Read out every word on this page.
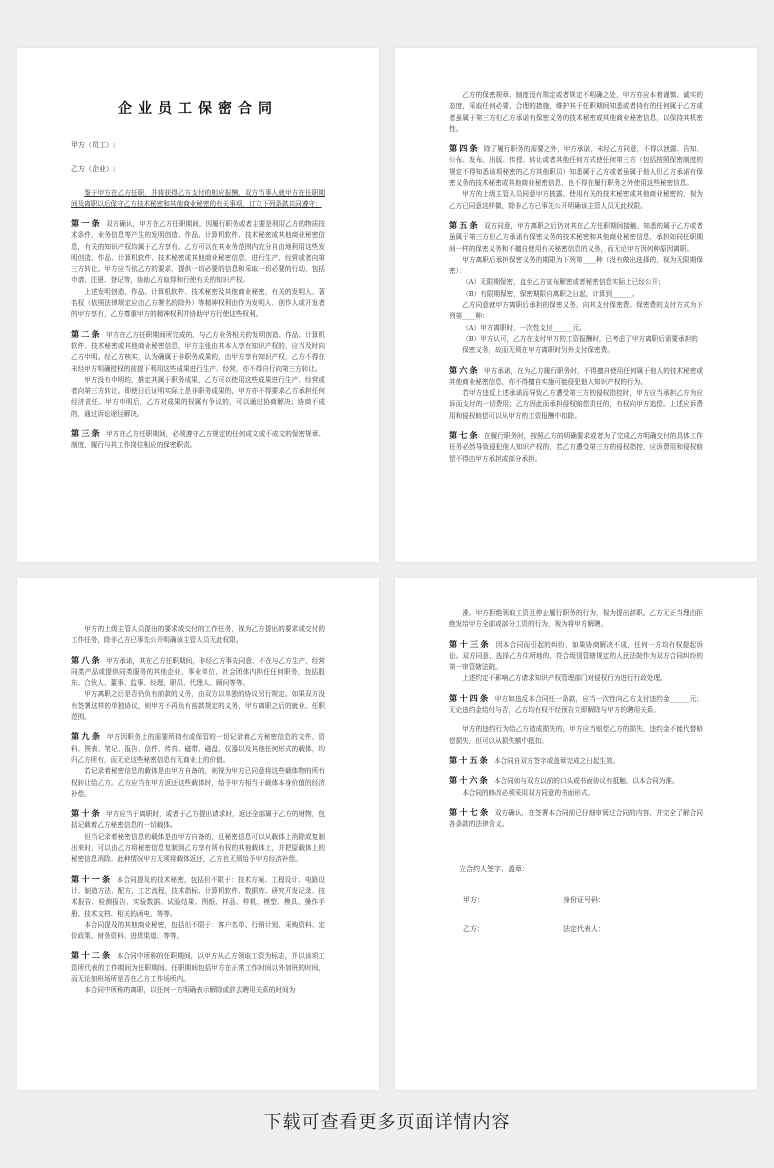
企业员工保密合同

甲方（员工）:

乙方（企业）:

鉴于甲方在乙方任职，并将获得乙方支付的相应报酬，双方当事人就甲方在任职期间及离职以后保守乙方技术秘密和其他商业秘密的有关事项，订立下列条款共同遵守：

第一条 双方确认，甲方在乙方任职期间，因履行职务或者主要是利用乙方的物质技术条件、业务信息等产生的发明创造、作品、计算机软件、技术秘密或其他商业秘密信息，有关的知识产权均属于乙方享有。乙方可以在其业务范围内充分自由地利用这些发明创造、作品、计算机软件、技术秘密或其他商业秘密信息，进行生产、经营或者向第三方转让。甲方应当依乙方的要求，提供一切必要的信息和采取一切必要的行动，包括申请、注册、登记等，协助乙方取得和行使有关的知识产权。

上述发明创造、作品、计算机软件、技术秘密及其他商业秘密，有关的发明人、著名权（依照法律规定应由乙方署名的除外）等精神权利由作为发明人、创作人或开发者的甲方享有，乙方尊重甲方的精神权利并协助甲方行使这些权利。

第二条 甲方在乙方任职期间所完成的、与乙方业务相关的发明创造、作品、计算机软件、技术秘密或其他商业秘密信息，甲方主张由其本人享有知识产权的，应当及时向乙方申明。经乙方核实，认为确属于非职务成果的，由甲方享有知识产权，乙方不得在未经甲方明确授权的前提下利用这些成果进行生产、经营，亦不得自行向第三方转让。

甲方没有申明的，推定其属于职务成果，乙方可以使用这些成果进行生产、经营或者向第三方转让。即使日后证明实际上是非职务成果的，甲方亦不得要求乙方承担任何经济责任。甲方申明后，乙方对成果的权属有争议的，可以通过协商解决；协商不成的，通过诉讼途径解决。

第三条 甲方在乙方任职期间，必须遵守乙方规定的任何成文或不成文的保密规章、制度，履行与其工作岗位相应的保密职责。

乙方的保密规章、制度没有规定或者规定不明确之处，甲方亦应本着谨慎、诚实的态度，采取任何必要、合理的措施，维护其于任职期间知悉或者持有的任何属于乙方或者虽属于第三方但乙方承诺有保密义务的技术秘密或其他商业秘密信息，以保持其机密性。

第四条 除了履行职务的需要之外，甲方承诺，未经乙方同意，不得以泄露、告知、公布、发布、出版、传授、转让或者其他任何方式使任何第三方（包括按照保密制度的规定不得知悉该项秘密的乙方其他职员）知悉属于乙方或者虽属于他人但乙方承诺有保密义务的技术秘密或其他商业秘密信息，也不得在履行职务之外使用这些秘密信息。

甲方的上级主管人员同意甲方披露、使用有关的技术秘密或其他商业秘密的，视为乙方已同意这样做，除非乙方已事先公开明确该主管人员无此权限。

第五条 双方同意，甲方离职之后仍对其在乙方任职期间接触、知悉的属于乙方或者虽属于第三方但乙方承诺有保密义务的技术秘密和其他商业秘密信息，承担如同任职期间一样的保密义务和不擅自使用有关秘密信息的义务，而无论甲方因何种原因离职。

甲方离职后承担保密义务的期限为下列第____种（没有做出选择的，视为无限期保密）：

（A）无限期保密，直至乙方宣布解密或者秘密信息实际上已经公开；

（B）有限期保密，保密期限自离职之日起，计算到______。

乙方同意就甲方离职后承担的保密义务，向其支付保密费。保密费的支付方式为下列第____种：

（A）甲方离职时，一次性支付______元。

（B）甲方认可，乙方在支付甲方的工资报酬时，已考虑了甲方离职后需要承担的保密义务，故而无须在甲方离职时另外支付保密费。

第六条 甲方承诺，在为乙方履行职务时，不得擅自使用任何属于他人的技术秘密或其他商业秘密信息，亦不得擅自实施可能侵犯他人知识产权的行为。

若甲方违反上述承诺而导致乙方遭受第三方的侵权指控时，甲方应当承担乙方为应诉而支付的一切费用；乙方因此而承担侵权赔偿责任的，有权向甲方追偿。上述应诉费用和侵权赔偿可以从甲方的工资报酬中扣除。

第七条 在履行职务时，按照乙方的明确要求或者为了完成乙方明确交付的具体工作任务必然导致侵犯他人知识产权的，若乙方遭受第三方的侵权指控，应诉费用和侵权赔偿不得由甲方承担或部分承担。

甲方的上级主管人员提出的要求或交付的工作任务，视为乙方提出的要求或交付的工作任务，除非乙方已事先公开明确该主管人员无此权限。

第八条 甲方承诺，其在乙方任职期间，非经乙方事先同意，不在与乙方生产、经营同类产品或提供同类服务的其他企业、事业单位、社会团体内担任任何职务，包括股东、合伙人、董事、监事、经理、职员、代理人、顾问等等。

甲方离职之后是否仍负有前款的义务，由双方以单独的协议另行规定。如果双方没有签署这样的单独协议，则甲方不再负有前款规定的义务，甲方离职之后的就业、任职范围。

第九条 甲方因职务上的需要所持有或保管的一切记录着乙方秘密信息的文件、资料、图表、笔记、报告、信件、传真、磁带、磁盘、仪器以及其他任何形式的载体，均归乙方所有，而无论这些秘密信息有无商业上的价值。

若记录着秘密信息的载体是由甲方自备的，则视为甲方已同意将这些载体物的所有权转让给乙方。乙方应当在甲方返还这些载体时，给予甲方相当于载体本身价值的经济补偿。

第十条 甲方应当于离职时，或者于乙方提出请求时，返还全部属于乙方的财物，包括记载着乙方秘密信息的一切载体。

但当记录着秘密信息的载体是由甲方自备的，且秘密信息可以从载体上消除或复制出来时，可以由乙方将秘密信息复制到乙方享有所有权的其他载体上，并把原载体上的秘密信息消除。此种情况甲方无须将载体返还，乙方也无须给予甲方经济补偿。

第十一条 本合同提及的技术秘密，包括但不限于：技术方案、工程设计、电路设计、制造方法、配方、工艺流程、技术指标、计算机软件、数据库、研究开发记录、技术报告、检测报告、实验数据、试验结果、图纸、样品、样机、模型、模具、操作手册、技术文档、相关的函电、等等。

本合同提及的其他商业秘密，包括但不限于：客户名单、行销计划、采购资料、定价政策、财务资料、进货渠道、等等。

第十二条 本合同中所称的任职期间，以甲方从乙方领取工资为标志，并以该项工资所代表的工作期间为任职期间。任职期间包括甲方在正常工作时间以外加班的时间，而无论加班场所是否在乙方工作场所内。

本合同中所称的离职，以任何一方明确表示解除或辞去聘用关系的时间为

准。甲方拒绝领取工资且停止履行职务的行为，视为提出辞职。乙方无正当理由拒绝发给甲方全部或部分工资的行为，视为将甲方解聘。

第十三条 因本合同而引起的纠纷，如果协商解决不成，任何一方均有权提起诉讼。双方同意，选择乙方住所地的、符合级别管辖规定的人民法院作为双方合同纠纷的第一审管辖法院。

上述约定不影响乙方请求知识产权管理部门对侵权行为进行行政处理。

第十四条 甲方如违反本合同任一条款，应当一次性向乙方支付违约金______元；无论违约金给付与否，乙方均有权不经预告立即解除与甲方的聘用关系。

甲方的违约行为给乙方造成损失的，甲方应当赔偿乙方的损失，违约金不能代替赔偿损失，但可以从损失额中抵扣。

第十五条 本合同自双方签字或盖章完成之日起生效。

第十六条 本合同如与双方以前的口头或书面协议有抵触，以本合同为准。

本合同的修改必须采用双方同意的书面形式。

第十七条 双方确认，在签署本合同前已仔细审阅过合同的内容，并完全了解合同各条款的法律含义。

立合约人签字、盖章：

甲方：	身份证号码：
乙方：	法定代表人：
下载可查看更多页面详情内容
